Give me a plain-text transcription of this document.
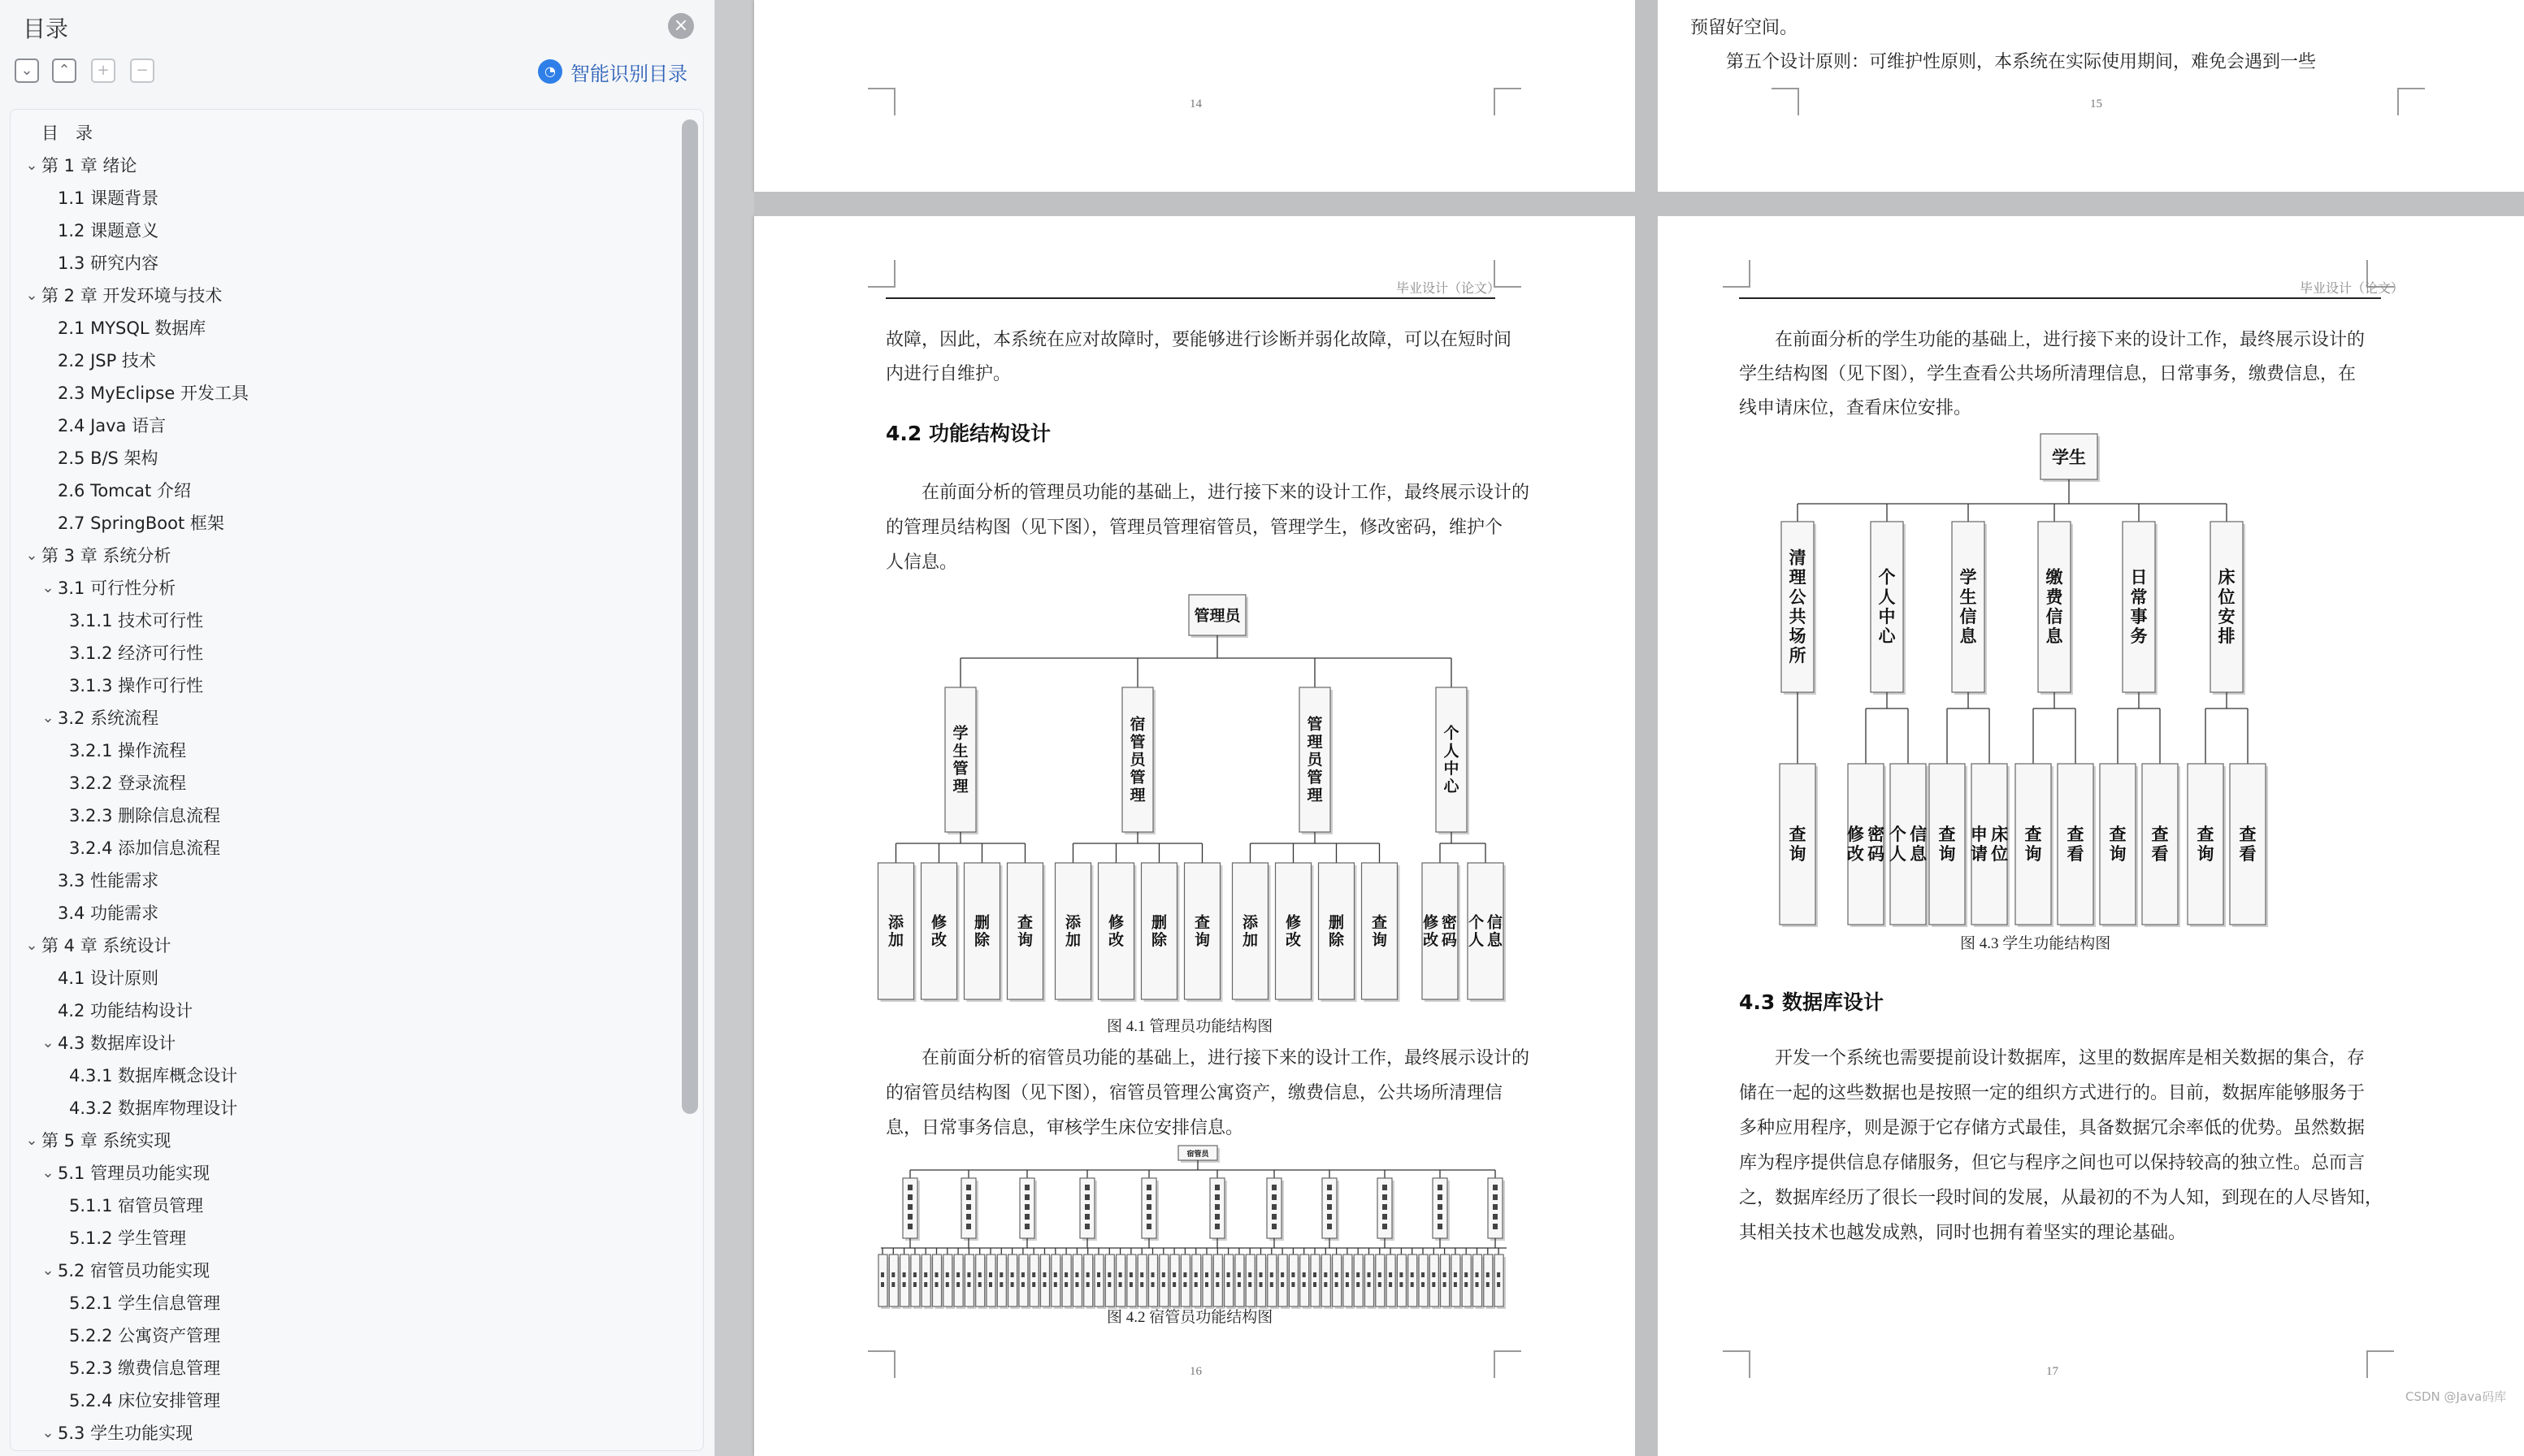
目录	×
⌄	⌃	+	−	◔ 智能识别目录
目　录
⌄ 第 1 章 绪论
1.1 课题背景
1.2 课题意义
1.3 研究内容
⌄ 第 2 章 开发环境与技术
2.1 MYSQL 数据库
2.2 JSP 技术
2.3 MyEclipse 开发工具
2.4 Java 语言
2.5 B/S 架构
2.6 Tomcat 介绍
2.7 SpringBoot 框架
⌄ 第 3 章 系统分析
⌄ 3.1 可行性分析
3.1.1 技术可行性
3.1.2 经济可行性
3.1.3 操作可行性
⌄ 3.2 系统流程
3.2.1 操作流程
3.2.2 登录流程
3.2.3 删除信息流程
3.2.4 添加信息流程
3.3 性能需求
3.4 功能需求
⌄ 第 4 章 系统设计
4.1 设计原则
4.2 功能结构设计
⌄ 4.3 数据库设计
4.3.1 数据库概念设计
4.3.2 数据库物理设计
⌄ 第 5 章 系统实现
⌄ 5.1 管理员功能实现
5.1.1 宿管员管理
5.1.2 学生管理
⌄ 5.2 宿管员功能实现
5.2.1 学生信息管理
5.2.2 公寓资产管理
5.2.3 缴费信息管理
5.2.4 床位安排管理
⌄ 5.3 学生功能实现
14
预留好空间。
　　第五个设计原则：可维护性原则，本系统在实际使用期间，难免会遇到一些
15
毕业设计（论文）
故障，因此，本系统在应对故障时，要能够进行诊断并弱化故障，可以在短时间
内进行自维护。
4.2 功能结构设计
　　在前面分析的管理员功能的基础上，进行接下来的设计工作，最终展示设计的
的管理员结构图（见下图），管理员管理宿管员，管理学生，修改密码，维护个
人信息。
管理员
学生管理
添加
修改
删除
查询
宿管员管理
添加
修改
删除
查询
管理员管理
添加
修改
删除
查询
个人中心
修改密码
个人信息
图 4.1 管理员功能结构图
　　在前面分析的宿管员功能的基础上，进行接下来的设计工作，最终展示设计的
的宿管员结构图（见下图），宿管员管理公寓资产，缴费信息，公共场所清理信
息，日常事务信息，审核学生床位安排信息。
宿管员
图 4.2 宿管员功能结构图
16
毕业设计（论文）
　　在前面分析的学生功能的基础上，进行接下来的设计工作，最终展示设计的
学生结构图（见下图），学生查看公共场所清理信息，日常事务，缴费信息，在
线申请床位，查看床位安排。
学生
清理公共场所
查询
个人中心
修改密码
个人信息
学生信息
查询
申请床位
缴费信息
查询
查看
日常事务
查询
查看
床位安排
查询
查看
图 4.3 学生功能结构图
4.3 数据库设计
　　开发一个系统也需要提前设计数据库，这里的数据库是相关数据的集合，存
储在一起的这些数据也是按照一定的组织方式进行的。目前，数据库能够服务于
多种应用程序，则是源于它存储方式最佳，具备数据冗余率低的优势。虽然数据
库为程序提供信息存储服务，但它与程序之间也可以保持较高的独立性。总而言
之，数据库经历了很长一段时间的发展，从最初的不为人知，到现在的人尽皆知，
其相关技术也越发成熟，同时也拥有着坚实的理论基础。
17
CSDN @Java码库
